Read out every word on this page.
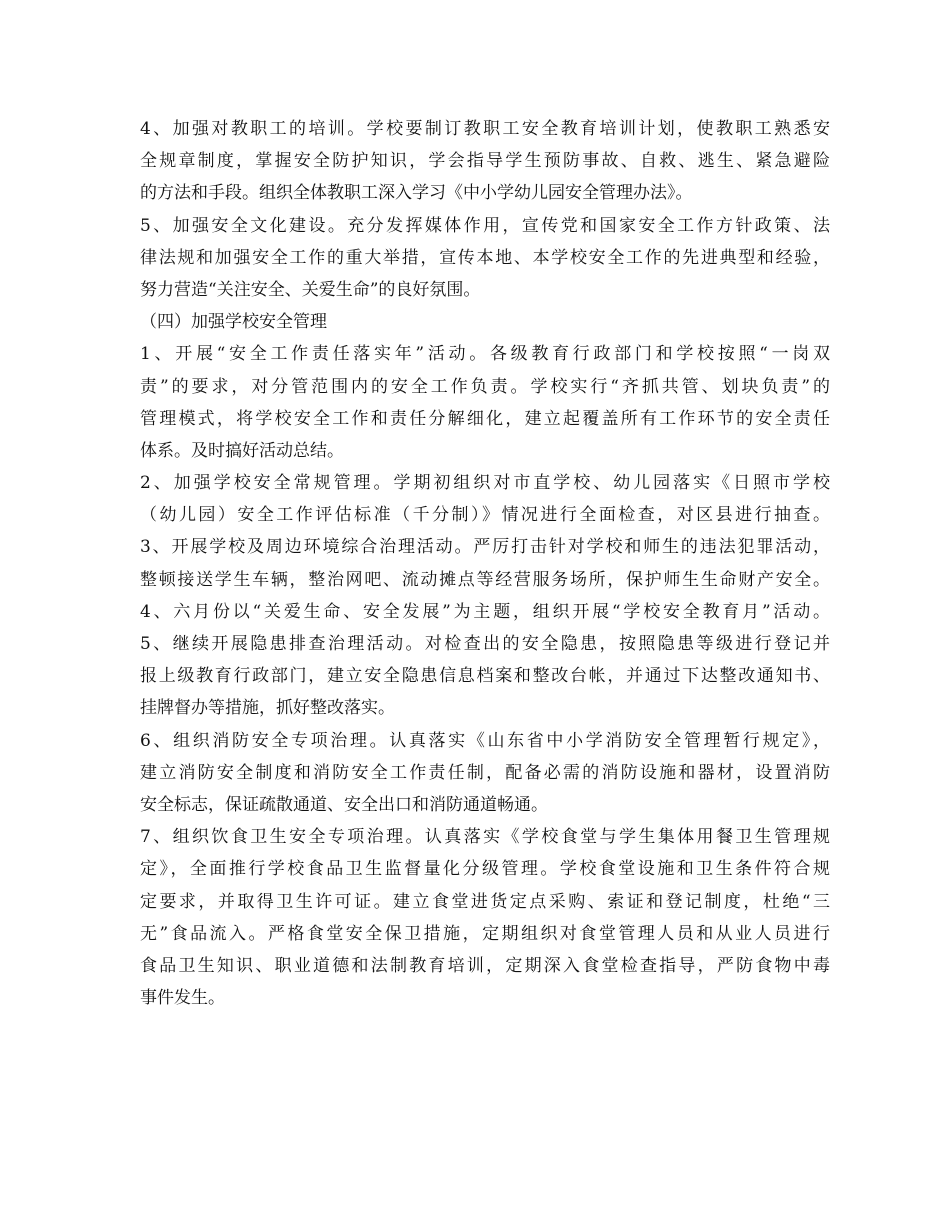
4、加强对教职工的培训。学校要制订教职工安全教育培训计划，使教职工熟悉安
全规章制度，掌握安全防护知识，学会指导学生预防事故、自救、逃生、紧急避险
的方法和手段。组织全体教职工深入学习《中小学幼儿园安全管理办法》。
5、加强安全文化建设。充分发挥媒体作用，宣传党和国家安全工作方针政策、法
律法规和加强安全工作的重大举措，宣传本地、本学校安全工作的先进典型和经验，
努力营造“关注安全、关爱生命”的良好氛围。
（四）加强学校安全管理
1、开展“安全工作责任落实年”活动。各级教育行政部门和学校按照“一岗双
责”的要求，对分管范围内的安全工作负责。学校实行“齐抓共管、划块负责”的
管理模式，将学校安全工作和责任分解细化，建立起覆盖所有工作环节的安全责任
体系。及时搞好活动总结。
2、加强学校安全常规管理。学期初组织对市直学校、幼儿园落实《日照市学校
（幼儿园）安全工作评估标准（千分制）》情况进行全面检查，对区县进行抽查。
3、开展学校及周边环境综合治理活动。严厉打击针对学校和师生的违法犯罪活动，
整顿接送学生车辆，整治网吧、流动摊点等经营服务场所，保护师生生命财产安全。
4、六月份以“关爱生命、安全发展”为主题，组织开展“学校安全教育月”活动。
5、继续开展隐患排查治理活动。对检查出的安全隐患，按照隐患等级进行登记并
报上级教育行政部门，建立安全隐患信息档案和整改台帐，并通过下达整改通知书、
挂牌督办等措施，抓好整改落实。
6、组织消防安全专项治理。认真落实《山东省中小学消防安全管理暂行规定》，
建立消防安全制度和消防安全工作责任制，配备必需的消防设施和器材，设置消防
安全标志，保证疏散通道、安全出口和消防通道畅通。
7、组织饮食卫生安全专项治理。认真落实《学校食堂与学生集体用餐卫生管理规
定》，全面推行学校食品卫生监督量化分级管理。学校食堂设施和卫生条件符合规
定要求，并取得卫生许可证。建立食堂进货定点采购、索证和登记制度，杜绝“三
无”食品流入。严格食堂安全保卫措施，定期组织对食堂管理人员和从业人员进行
食品卫生知识、职业道德和法制教育培训，定期深入食堂检查指导，严防食物中毒
事件发生。
